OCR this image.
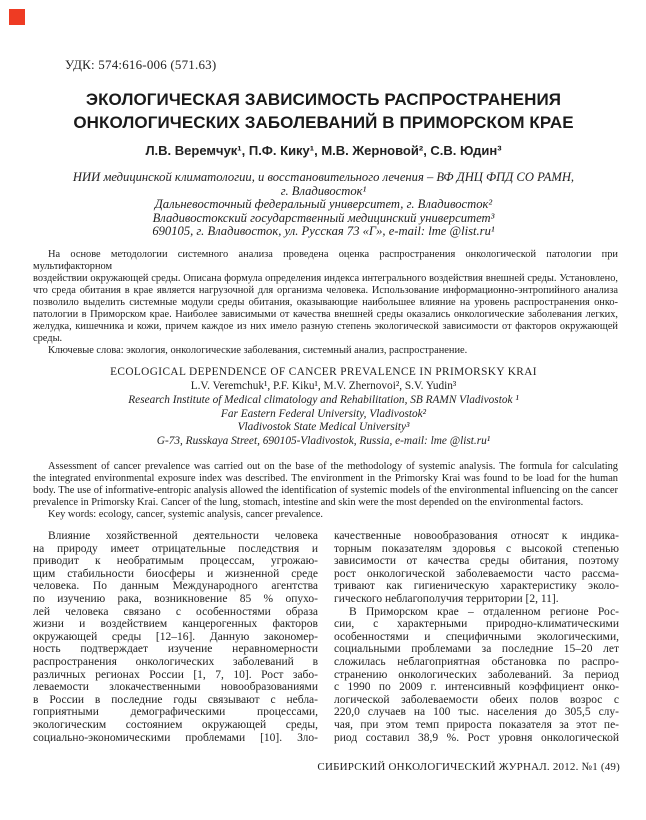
УДК: 574:616-006 (571.63)
ЭКОЛОГИЧЕСКАЯ ЗАВИСИМОСТЬ РАСПРОСТРАНЕНИЯ
ОНКОЛОГИЧЕСКИХ ЗАБОЛЕВАНИЙ В ПРИМОРСКОМ КРАЕ
Л.В. Веремчук¹, П.Ф. Кику¹, М.В. Жерновой², С.В. Юдин³
НИИ медицинской климатологии, и восстановительного лечения – ВФ ДНЦ ФПД СО РАМН,
г. Владивосток¹
Дальневосточный федеральный университет, г. Владивосток²
Владивостокский государственный медицинский университет³
690105, г. Владивосток, ул. Русская 73 «Г», e-mail: lme @list.ru¹
На основе методологии системного анализа проведена оценка распространения онкологической патологии при мультифакторном
воздействии окружающей среды. Описана формула определения индекса интегрального воздействия внешней среды. Установлено,
что среда обитания в крае является нагрузочной для организма человека. Использование информационно-энтропийного анализа
позволило выделить системные модули среды обитания, оказывающие наибольшее влияние на уровень распространения онко-
патологии в Приморском крае. Наиболее зависимыми от качества внешней среды оказались онкологические заболевания легких,
желудка, кишечника и кожи, причем каждое из них имело разную степень экологической зависимости от факторов окружающей
среды.
Ключевые слова: экология, онкологические заболевания, системный анализ, распространение.
ECOLOGICAL DEPENDENCE OF CANCER PREVALENCE IN PRIMORSKY KRAI
L.V. Veremchuk¹, P.F. Kiku¹, M.V. Zhernovoi², S.V. Yudin³
Research Institute of Medical climatology and Rehabilitation, SB RAMN Vladivostok ¹
Far Eastern Federal University, Vladivostok²
Vladivostok State Medical University³
G-73, Russkaya Street, 690105-Vladivostok, Russia, e-mail: lme @list.ru¹
Assessment of cancer prevalence was carried out on the base of the methodology of systemic analysis. The formula for calculating
the integrated environmental exposure index was described. The environment in the Primorsky Krai was found to be load for the human
body. The use of informative-entropic analysis allowed the identification of systemic models of the environmental influencing on the cancer
prevalence in Primorsky Krai. Cancer of the lung, stomach, intestine and skin were the most depended on the environmental factors.
Key words: ecology, cancer, systemic analysis, cancer prevalence.
Влияние хозяйственной деятельности человека
на природу имеет отрицательные последствия и
приводит к необратимым процессам, угрожаю-
щим стабильности биосферы и жизненной среде
человека. По данным Международного агентства
по изучению рака, возникновение 85 % опухо-
лей человека связано с особенностями образа
жизни и воздействием канцерогенных факторов
окружающей среды [12–16]. Данную закономер-
ность подтверждает изучение неравномерности
распространения онкологических заболеваний в
различных регионах России [1, 7, 10]. Рост забо-
леваемости злокачественными новообразованиями
в России в последние годы связывают с небла-
гоприятными демографическими процессами,
экологическим состоянием окружающей среды,
социально-экономическими проблемами [10]. Зло-
качественные новообразования относят к индика-
торным показателям здоровья с высокой степенью
зависимости от качества среды обитания, поэтому
рост онкологической заболеваемости часто рассма-
тривают как гигиеническую характеристику эколо-
гического неблагополучия территории [2, 11].
В Приморском крае – отдаленном регионе Рос-
сии, с характерными природно-климатическими
особенностями и специфичными экологическими,
социальными проблемами за последние 15–20 лет
сложилась неблагоприятная обстановка по распро-
странению онкологических заболеваний. За период
с 1990 по 2009 г. интенсивный коэффициент онко-
логической заболеваемости обеих полов возрос с
220,0 случаев на 100 тыс. населения до 305,5 слу-
чая, при этом темп прироста показателя за этот пе-
риод составил 38,9 %. Рост уровня онкологической
СИБИРСКИЙ ОНКОЛОГИЧЕСКИЙ ЖУРНАЛ. 2012. №1 (49)
